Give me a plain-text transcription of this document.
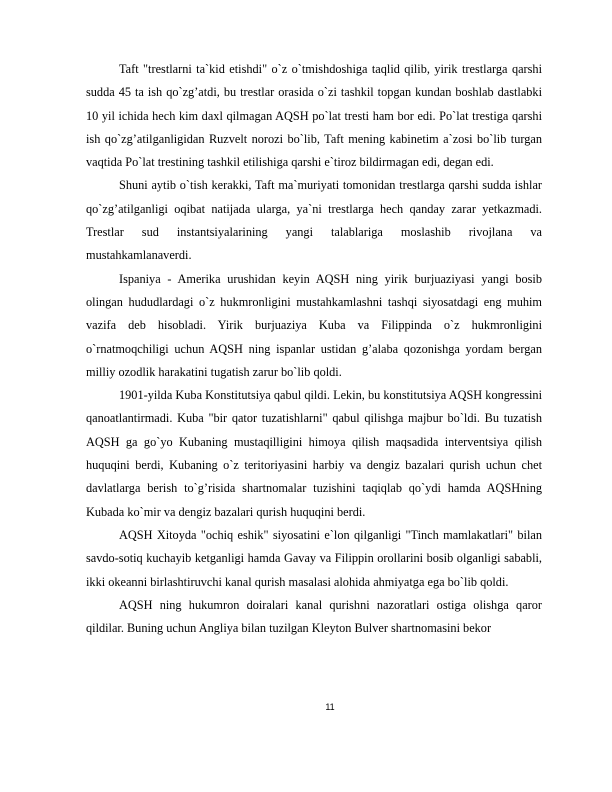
Taft "trestlarni ta`kid etishdi" o`z o`tmishdoshiga taqlid qilib, yirik trestlarga qarshi sudda 45 ta ish qo`zg’atdi, bu trestlar orasida o`zi tashkil topgan kundan boshlab dastlabki 10 yil ichida hech kim daxl qilmagan AQSH po`lat tresti ham bor edi. Po`lat trestiga qarshi ish qo`zg’atilganligidan Ruzvelt norozi bo`lib, Taft mening kabinetim a`zosi bo`lib turgan vaqtida Po`lat trestining tashkil etilishiga qarshi e`tiroz bildirmagan edi, degan edi.

Shuni aytib o`tish kerakki, Taft ma`muriyati tomonidan trestlarga qarshi sudda ishlar qo`zg’atilganligi oqibat natijada ularga, ya`ni trestlarga hech qanday zarar yetkazmadi. Trestlar sud instantsiyalarining yangi talablariga moslashib rivojlana va mustahkamlanaverdi.

Ispaniya - Amerika urushidan keyin AQSH ning yirik burjuaziyasi yangi bosib olingan hududlardagi o`z hukmronligini mustahkamlashni tashqi siyosatdagi eng muhim vazifa deb hisobladi. Yirik burjuaziya Kuba va Filippinda o`z hukmronligini o`rnatmoqchiligi uchun AQSH ning ispanlar ustidan g’alaba qozonishga yordam bergan milliy ozodlik harakatini tugatish zarur bo`lib qoldi.

1901-yilda Kuba Konstitutsiya qabul qildi. Lekin, bu konstitutsiya AQSH kongressini qanoatlantirmadi. Kuba "bir qator tuzatishlarni" qabul qilishga majbur bo`ldi. Bu tuzatish AQSH ga go`yo Kubaning mustaqilligini himoya qilish maqsadida interventsiya qilish huquqini berdi, Kubaning o`z teritoriyasini harbiy va dengiz bazalari qurish uchun chet davlatlarga berish to`g’risida shartnomalar tuzishini taqiqlab qo`ydi hamda AQSHning Kubada ko`mir va dengiz bazalari qurish huquqini berdi.

AQSH Xitoyda "ochiq eshik" siyosatini e`lon qilganligi "Tinch mamlakatlari" bilan savdo-sotiq kuchayib ketganligi hamda Gavay va Filippin orollarini bosib olganligi sababli, ikki okeanni birlashtiruvchi kanal qurish masalasi alohida ahmiyatga ega bo`lib qoldi.

AQSH ning hukumron doiralari kanal qurishni nazoratlari ostiga olishga qaror qildilar. Buning uchun Angliya bilan tuzilgan Kleyton Bulver shartnomasini bekor

11
